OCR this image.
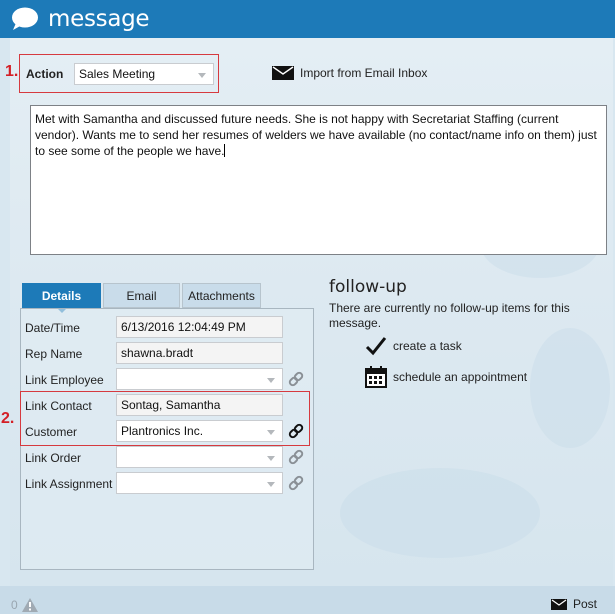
message
1. Action	Sales Meeting	Import from Email Inbox
Met with Samantha and discussed future needs. She is not happy with Secretariat Staffing (current vendor). Wants me to send her resumes of welders we have available (no contact/name info on them) just to see some of the people we have.
Details	Email	Attachments
Date/Time	6/13/2016 12:04:49 PM
Rep Name	shawna.bradt
Link Employee
2.
Link Contact	Sontag, Samantha
Customer	Plantronics Inc.
Link Order
Link Assignment
follow-up
There are currently no follow-up items for this message.
create a task
schedule an appointment
0	Post
